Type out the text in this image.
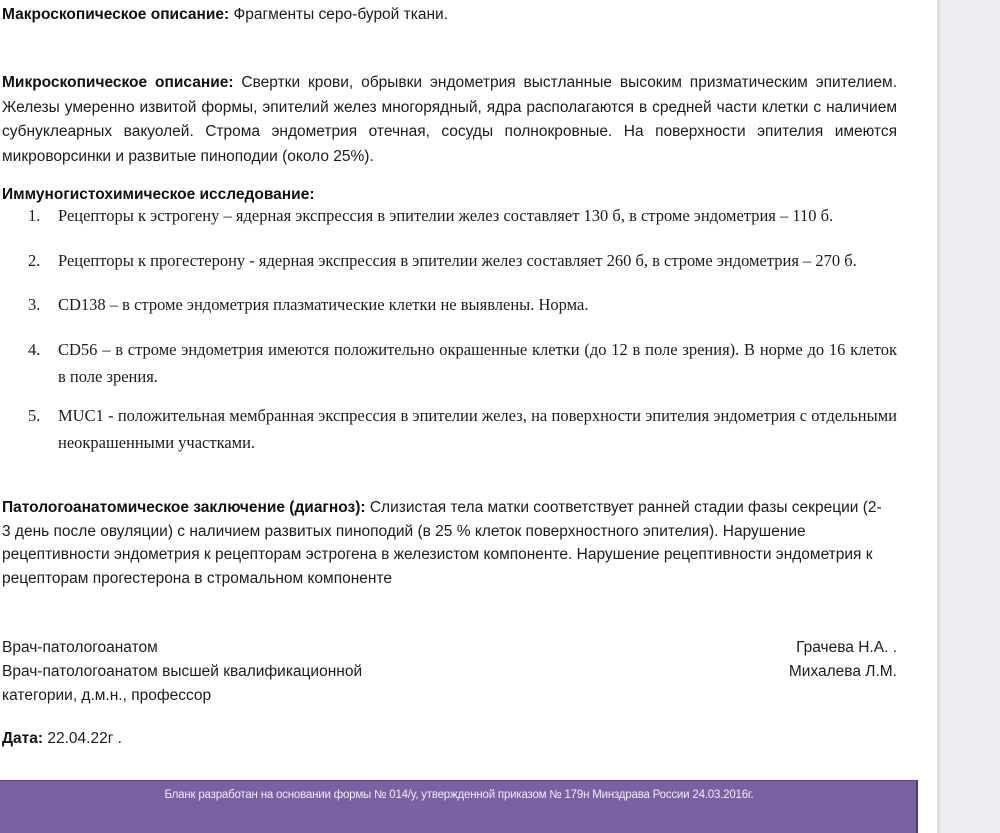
Макроскопическое описание: Фрагменты серо-бурой ткани.
Микроскопическое описание: Свертки крови, обрывки эндометрия выстланные высоким призматическим эпителием. Железы умеренно извитой формы, эпителий желез многорядный, ядра располагаются в средней части клетки с наличием субнуклеарных вакуолей. Строма эндометрия отечная, сосуды полнокровные. На поверхности эпителия имеются микроворсинки и развитые пиноподии (около 25%).
Иммуногистохимическое исследование:
1.	Рецепторы к эстрогену – ядерная экспрессия в эпителии желез составляет 130 б, в строме эндометрия – 110 б.
2.	Рецепторы к прогестерону - ядерная экспрессия в эпителии желез составляет 260 б, в строме эндометрия – 270 б.
3.	CD138 – в строме эндометрия плазматические клетки не выявлены. Норма.
4.	CD56 – в строме эндометрия имеются положительно окрашенные клетки (до 12 в поле зрения). В норме до 16 клеток в поле зрения.
5.	MUC1 - положительная мембранная экспрессия в эпителии желез, на поверхности эпителия эндометрия с отдельными неокрашенными участками.
Патологоанатомическое заключение (диагноз): Слизистая тела матки соответствует ранней стадии фазы секреции (2-3 день после овуляции) с наличием развитых пиноподий (в 25 % клеток поверхностного эпителия). Нарушение рецептивности эндометрия к рецепторам эстрогена в железистом компоненте. Нарушение рецептивности эндометрия к рецепторам прогестерона в стромальном компоненте
Врач-патологоанатом	Грачева Н.А. .
Врач-патологоанатом высшей квалификационной	Михалева Л.М.
категории, д.м.н., профессор
Дата: 22.04.22г .
Бланк разработан на основании формы № 014/у, утвержденной приказом № 179н Минздрава России 24.03.2016г.
